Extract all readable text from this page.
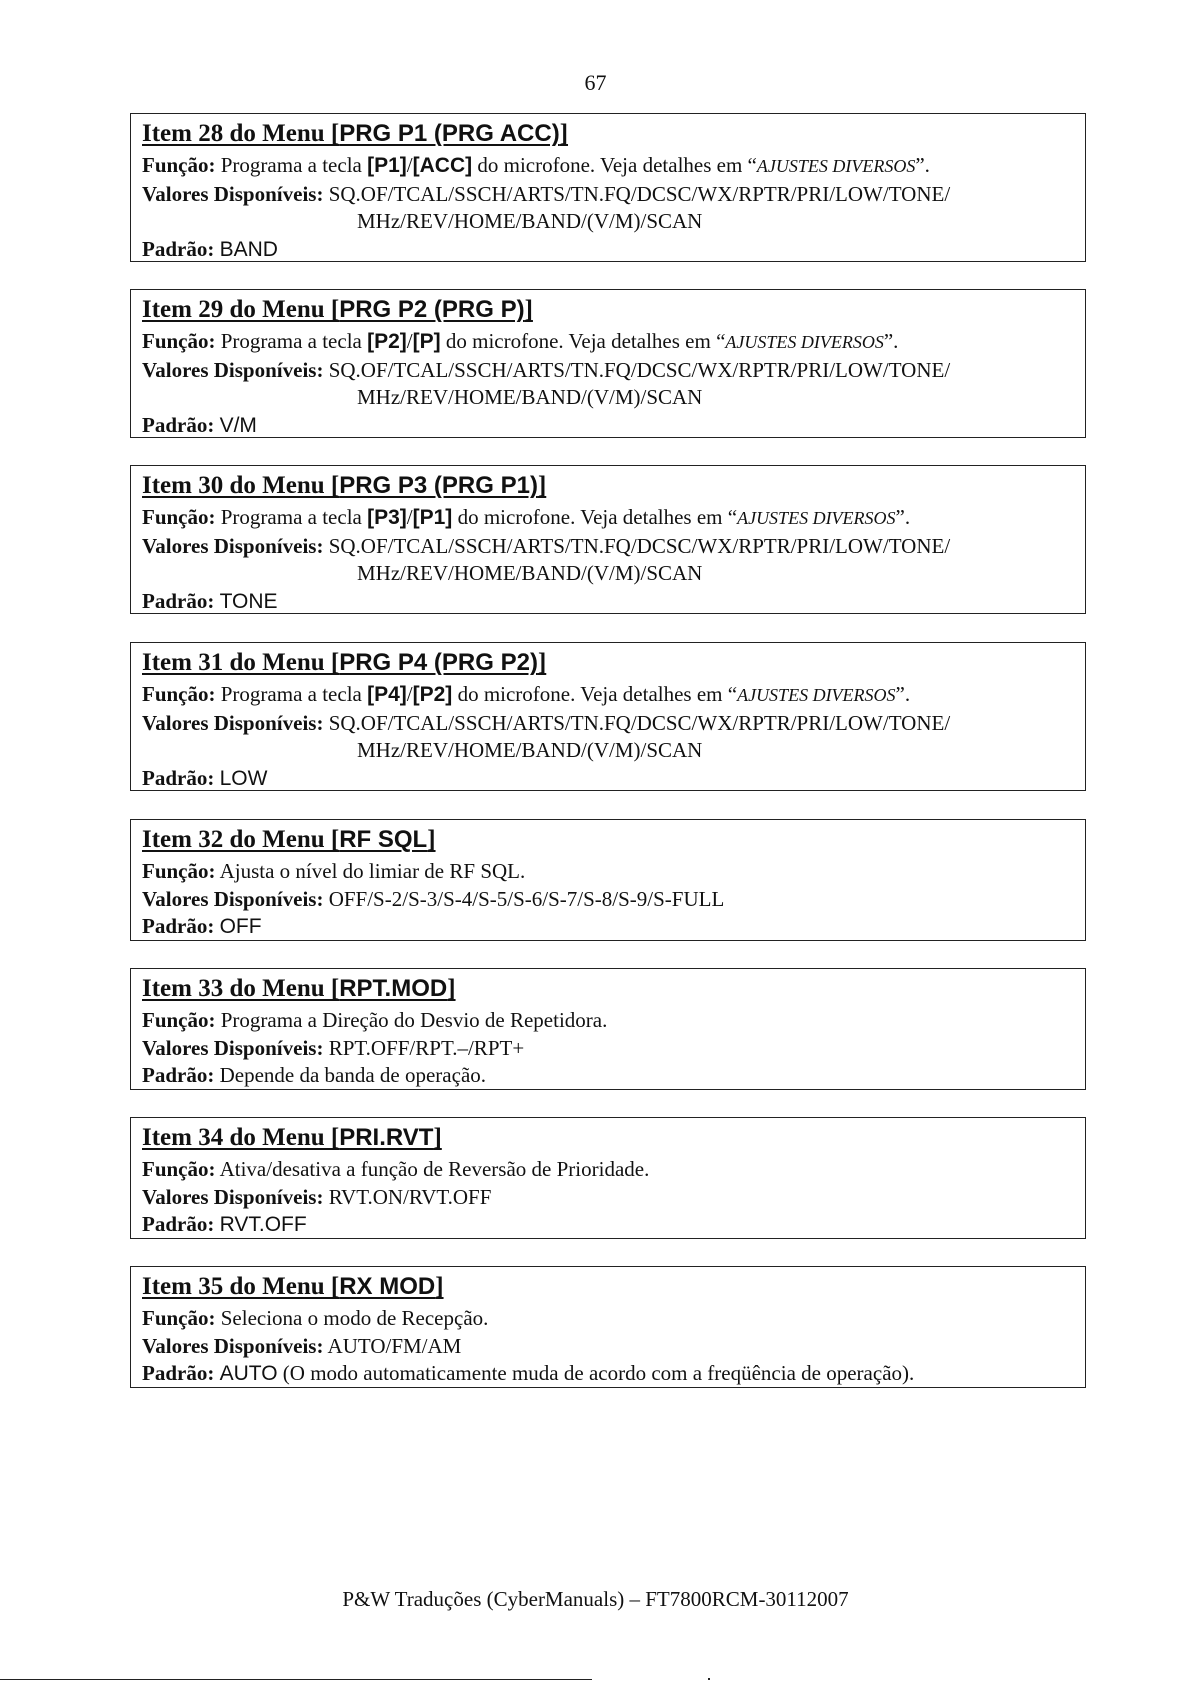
67
Item 28 do Menu [PRG P1 (PRG ACC)]
Função: Programa a tecla [P1]/[ACC] do microfone. Veja detalhes em “AJUSTES DIVERSOS”.
Valores Disponíveis: SQ.OF/TCAL/SSCH/ARTS/TN.FQ/DCSC/WX/RPTR/PRI/LOW/TONE/
MHz/REV/HOME/BAND/(V/M)/SCAN
Padrão: BAND
Item 29 do Menu [PRG P2 (PRG P)]
Função: Programa a tecla [P2]/[P] do microfone. Veja detalhes em “AJUSTES DIVERSOS”.
Valores Disponíveis: SQ.OF/TCAL/SSCH/ARTS/TN.FQ/DCSC/WX/RPTR/PRI/LOW/TONE/
MHz/REV/HOME/BAND/(V/M)/SCAN
Padrão: V/M
Item 30 do Menu [PRG P3 (PRG P1)]
Função: Programa a tecla [P3]/[P1] do microfone. Veja detalhes em “AJUSTES DIVERSOS”.
Valores Disponíveis: SQ.OF/TCAL/SSCH/ARTS/TN.FQ/DCSC/WX/RPTR/PRI/LOW/TONE/
MHz/REV/HOME/BAND/(V/M)/SCAN
Padrão: TONE
Item 31 do Menu [PRG P4 (PRG P2)]
Função: Programa a tecla [P4]/[P2] do microfone. Veja detalhes em “AJUSTES DIVERSOS”.
Valores Disponíveis: SQ.OF/TCAL/SSCH/ARTS/TN.FQ/DCSC/WX/RPTR/PRI/LOW/TONE/
MHz/REV/HOME/BAND/(V/M)/SCAN
Padrão: LOW
Item 32 do Menu [RF SQL]
Função: Ajusta o nível do limiar de RF SQL.
Valores Disponíveis: OFF/S-2/S-3/S-4/S-5/S-6/S-7/S-8/S-9/S-FULL
Padrão: OFF
Item 33 do Menu [RPT.MOD]
Função: Programa a Direção do Desvio de Repetidora.
Valores Disponíveis: RPT.OFF/RPT.–/RPT+
Padrão: Depende da banda de operação.
Item 34 do Menu [PRI.RVT]
Função: Ativa/desativa a função de Reversão de Prioridade.
Valores Disponíveis: RVT.ON/RVT.OFF
Padrão: RVT.OFF
Item 35 do Menu [RX MOD]
Função: Seleciona o modo de Recepção.
Valores Disponíveis: AUTO/FM/AM
Padrão: AUTO (O modo automaticamente muda de acordo com a freqüência de operação).
P&W Traduções (CyberManuals) – FT7800RCM-30112007
